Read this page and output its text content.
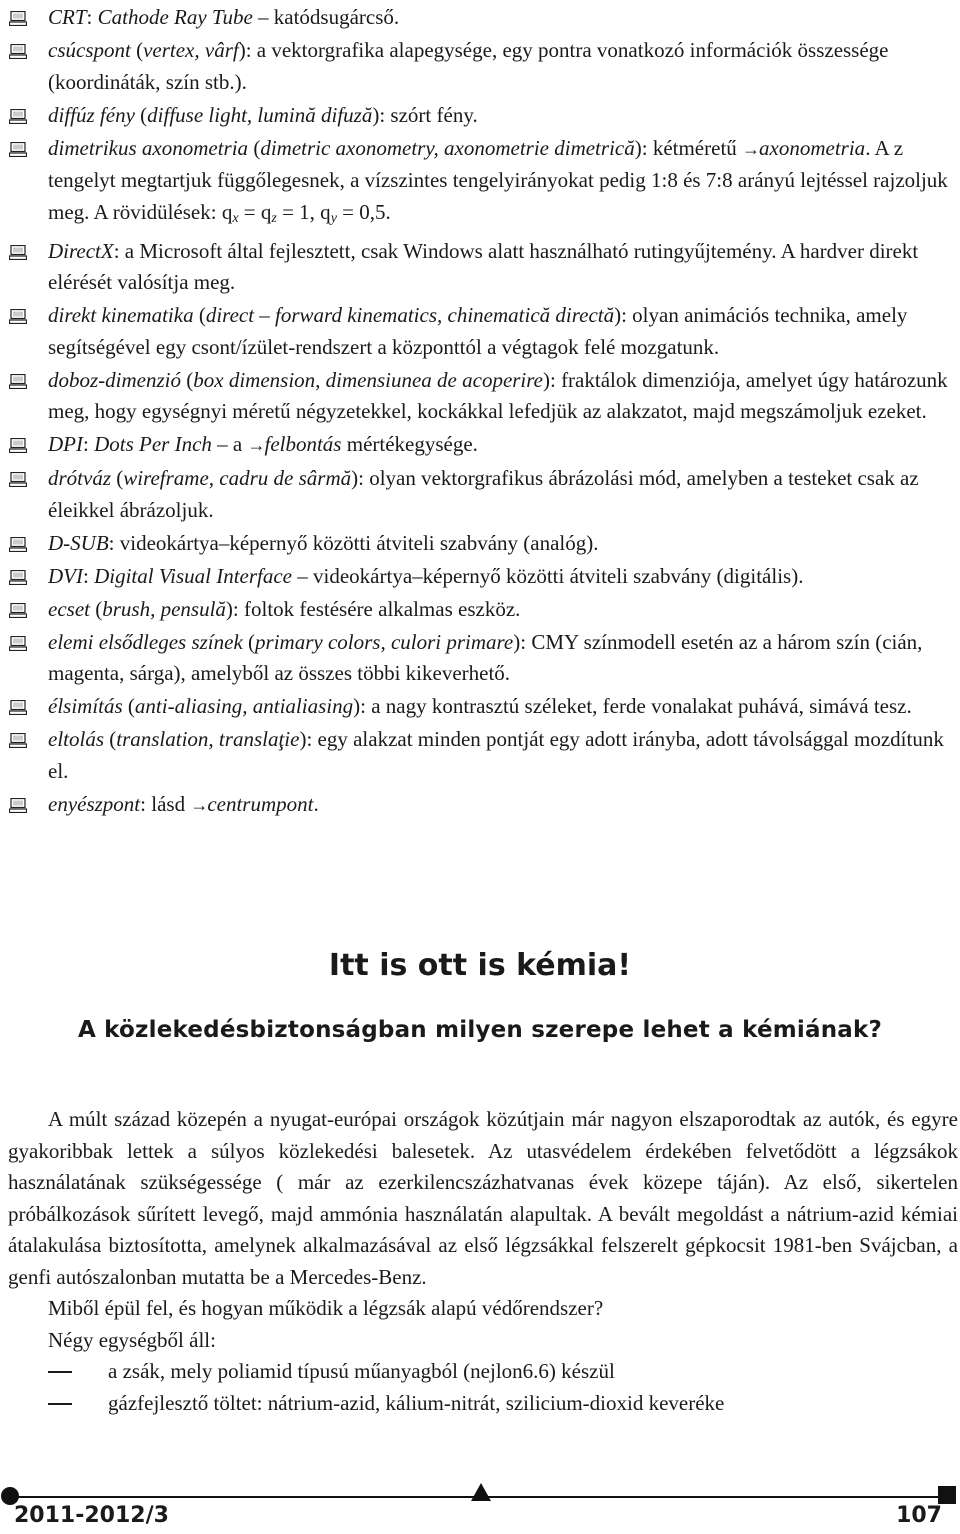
CRT: Cathode Ray Tube – katódsugárcső.
csúcspont (vertex, vârf): a vektorgrafika alapegysége, egy pontra vonatkozó információk összessége (koordináták, szín stb.).
diffúz fény (diffuse light, lumină difuză): szórt fény.
dimetrikus axonometria (dimetric axonometry, axonometrie dimetrică): kétméretű →axonometria. A z tengelyt megtartjuk függőlegesnek, a vízszintes tengelyirányokat pedig 1:8 és 7:8 arányú lejtéssel rajzoljuk meg. A rövidülések: $q_x = q_z = 1$, $q_y = 0,5$.
DirectX: a Microsoft által fejlesztett, csak Windows alatt használható rutingyűjtemény. A hardver direkt elérését valósítja meg.
direkt kinematika (direct – forward kinematics, chinematică directă): olyan animációs technika, amely segítségével egy csont/ízület-rendszert a központtól a végtagok felé mozgatunk.
doboz-dimenzió (box dimension, dimensiunea de acoperire): fraktálok dimenziója, amelyet úgy határozunk meg, hogy egységnyi méretű négyzetekkel, kockákkal lefedjük az alakzatot, majd megszámoljuk ezeket.
DPI: Dots Per Inch – a →felbontás mértékegysége.
drótváz (wireframe, cadru de sârmă): olyan vektorgrafikus ábrázolási mód, amelyben a testeket csak az éleikkel ábrázoljuk.
D-SUB: videokártya–képernyő közötti átviteli szabvány (analóg).
DVI: Digital Visual Interface – videokártya–képernyő közötti átviteli szabvány (digitális).
ecset (brush, pensulă): foltok festésére alkalmas eszköz.
elemi elsődleges színek (primary colors, culori primare): CMY színmodell esetén az a három szín (cián, magenta, sárga), amelyből az összes többi kikeverhető.
élsimítás (anti-aliasing, antialiasing): a nagy kontrasztú széleket, ferde vonalakat puhává, simává tesz.
eltolás (translation, translaţie): egy alakzat minden pontját egy adott irányba, adott távolsággal mozdítunk el.
enyészpont: lásd →centrumpont.
Itt is ott is kémia!
A közlekedésbiztonságban milyen szerepe lehet a kémiának?

A múlt század közepén a nyugat-európai országok közútjain már nagyon elszaporodtak az autók, és egyre gyakoribbak lettek a súlyos közlekedési balesetek. Az utasvédelem érdekében felvetődött a légzsákok használatának szükségessége ( már az ezerkilencszázhatvanas évek közepe táján). Az első, sikertelen próbálkozások sűrített levegő, majd ammónia használatán alapultak. A bevált megoldást a nátrium-azid kémiai átalakulása biztosította, amelynek alkalmazásával az első légzsákkal felszerelt gépkocsit 1981-ben Svájcban, a genfi autószalonban mutatta be a Mercedes-Benz.

Miből épül fel, és hogyan működik a légzsák alapú védőrendszer?

Négy egységből áll:

a zsák, mely poliamid típusú műanyagból (nejlon6.6) készül

gázfejlesztő töltet: nátrium-azid, kálium-nitrát, szilicium-dioxid keveréke

2011-2012/3	107
